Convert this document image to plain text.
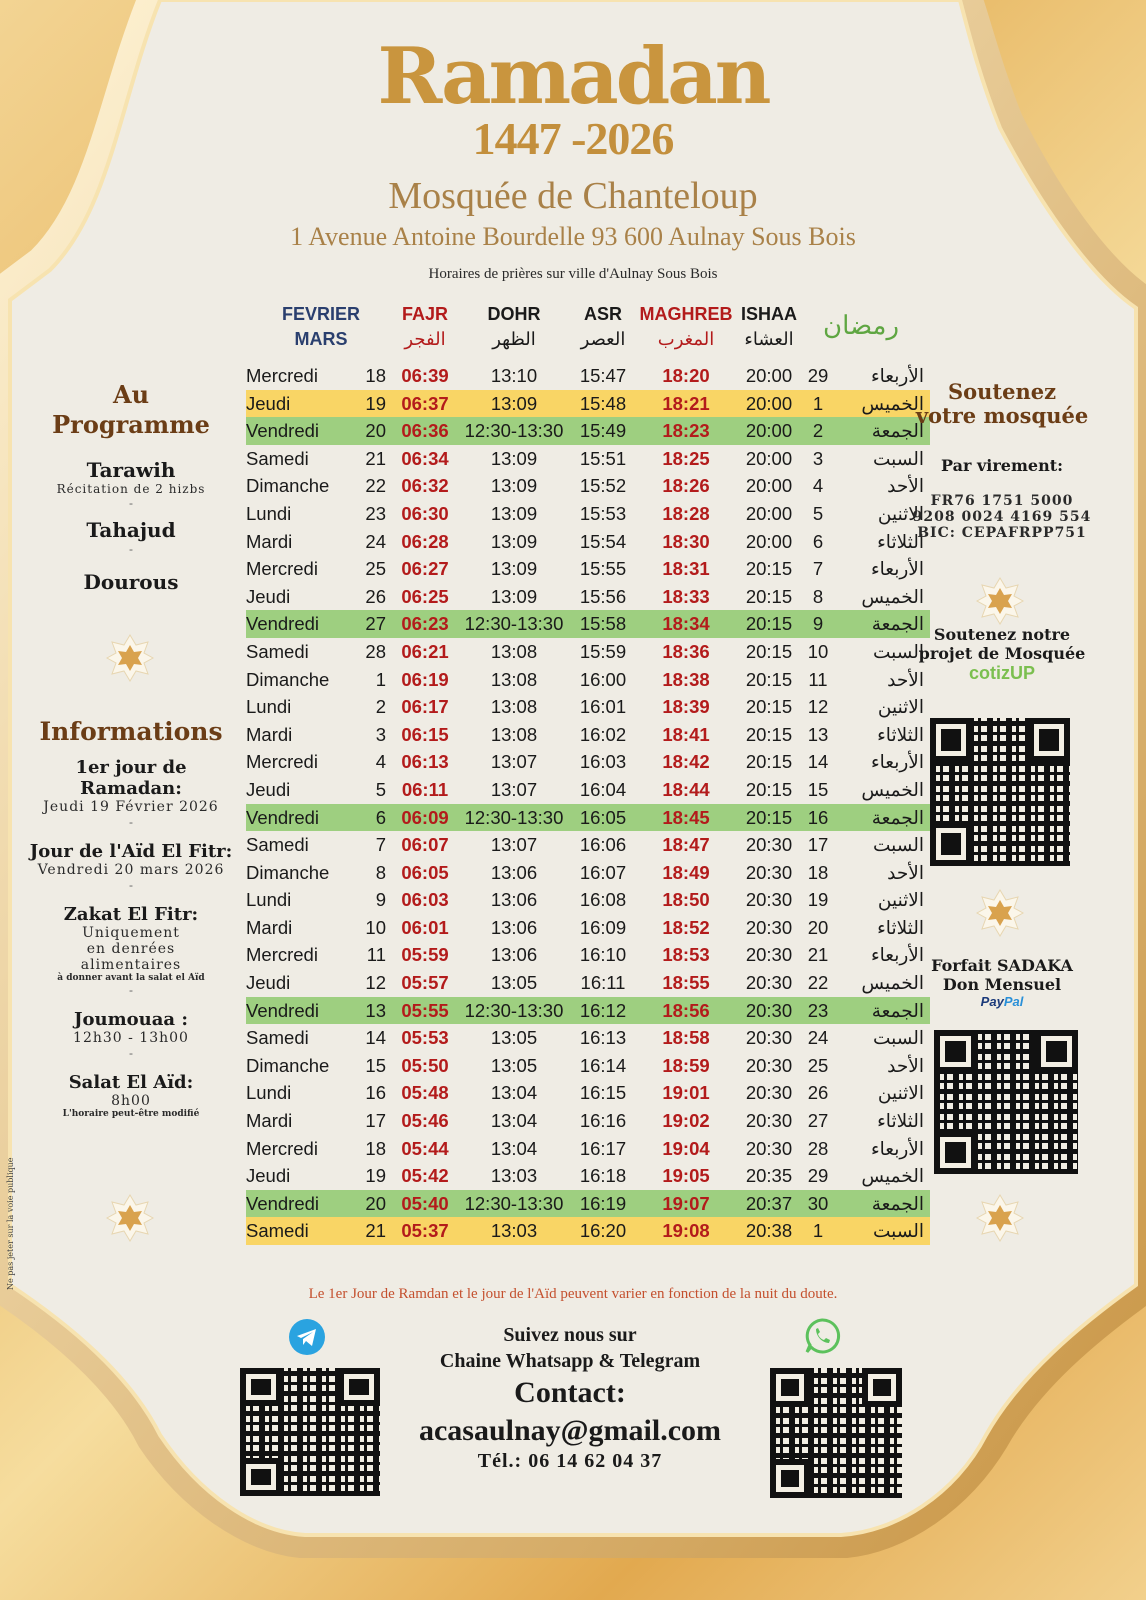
Ramadan
1447 -2026
Mosquée de Chanteloup
1 Avenue Antoine Bourdelle 93 600 Aulnay Sous Bois
Horaires de prières sur ville d'Aulnay Sous Bois
FEVRIER
MARS
FAJR
الفجر
DOHR
الظهر
ASR
العصر
MAGHREB
المغرب
ISHAA
العشاء رمضان
Mercredi	18 06:39	13:10	15:47	18:20	20:00 29	الأربعاء
Jeudi	19 06:37	13:09	15:48	18:21	20:00	1	الخميس
Vendredi	20 06:36 12:30-13:30 15:49	18:23	20:00	2	الجمعة
Samedi	21 06:34	13:09	15:51	18:25	20:00	3	السبت
Dimanche	22 06:32	13:09	15:52	18:26	20:00	4	الأحد
Lundi	23 06:30	13:09	15:53	18:28	20:00	5	الاثنين
Mardi	24 06:28	13:09	15:54	18:30	20:00	6	الثلاثاء
Mercredi	25 06:27	13:09	15:55	18:31	20:15	7	الأربعاء
Jeudi	26 06:25	13:09	15:56	18:33	20:15	8	الخميس
Vendredi	27 06:23 12:30-13:30 15:58	18:34	20:15	9	الجمعة
Samedi	28 06:21	13:08	15:59	18:36	20:15 10	السبت
Dimanche	1 06:19	13:08	16:00	18:38	20:15 11	الأحد
Lundi	2 06:17	13:08	16:01	18:39	20:15 12	الاثنين
Mardi	3 06:15	13:08	16:02	18:41	20:15 13	الثلاثاء
Mercredi	4 06:13	13:07	16:03	18:42	20:15 14	الأربعاء
Jeudi	5 06:11	13:07	16:04	18:44	20:15 15	الخميس
Vendredi	6 06:09 12:30-13:30 16:05	18:45	20:15 16	الجمعة
Samedi	7 06:07	13:07	16:06	18:47	20:30 17	السبت
Dimanche	8 06:05	13:06	16:07	18:49	20:30 18	الأحد
Lundi	9 06:03	13:06	16:08	18:50	20:30 19	الاثنين
Mardi	10 06:01	13:06	16:09	18:52	20:30 20	الثلاثاء
Mercredi	11 05:59	13:06	16:10	18:53	20:30 21	الأربعاء
Jeudi	12 05:57	13:05	16:11	18:55	20:30 22	الخميس
Vendredi	13 05:55 12:30-13:30 16:12	18:56	20:30 23	الجمعة
Samedi	14 05:53	13:05	16:13	18:58	20:30 24	السبت
Dimanche	15 05:50	13:05	16:14	18:59	20:30 25	الأحد
Lundi	16 05:48	13:04	16:15	19:01	20:30 26	الاثنين
Mardi	17 05:46	13:04	16:16	19:02	20:30 27	الثلاثاء
Mercredi	18 05:44	13:04	16:17	19:04	20:30 28	الأربعاء
Jeudi	19 05:42	13:03	16:18	19:05	20:35 29	الخميس
Vendredi	20 05:40 12:30-13:30 16:19	19:07	20:37 30	الجمعة
Samedi	21 05:37	13:03	16:20	19:08	20:38	1	السبت
Au
Programme
Tarawih
Récitation de 2 hizbs
-
Tahajud
-
Dourous
Informations
1er jour de Ramadan:
Jeudi 19 Février 2026
-
Jour de l'Aïd El Fitr:
Vendredi 20 mars 2026
-
Zakat El Fitr:
Uniquement
en denrées
alimentaires
à donner avant la salat el Aïd
-
Joumouaa :
12h30 - 13h00
-
Salat El Aïd:
8h00
L'horaire peut-être modifié
Soutenez
votre mosquée
Par virement:
FR76 1751 5000
9208 0024 4169 554
BIC: CEPAFRPP751
Soutenez notre
projet de Mosquée
cotizUP
Forfait SADAKA
Don Mensuel
PayPal
Le 1er Jour de Ramdan et le jour de l'Aïd peuvent varier en fonction de la nuit du doute.
Suivez nous sur
Chaine Whatsapp & Telegram
Contact:
acasaulnay@gmail.com
Tél.: 06 14 62 04 37
Ne pas jeter sur la voie publique
